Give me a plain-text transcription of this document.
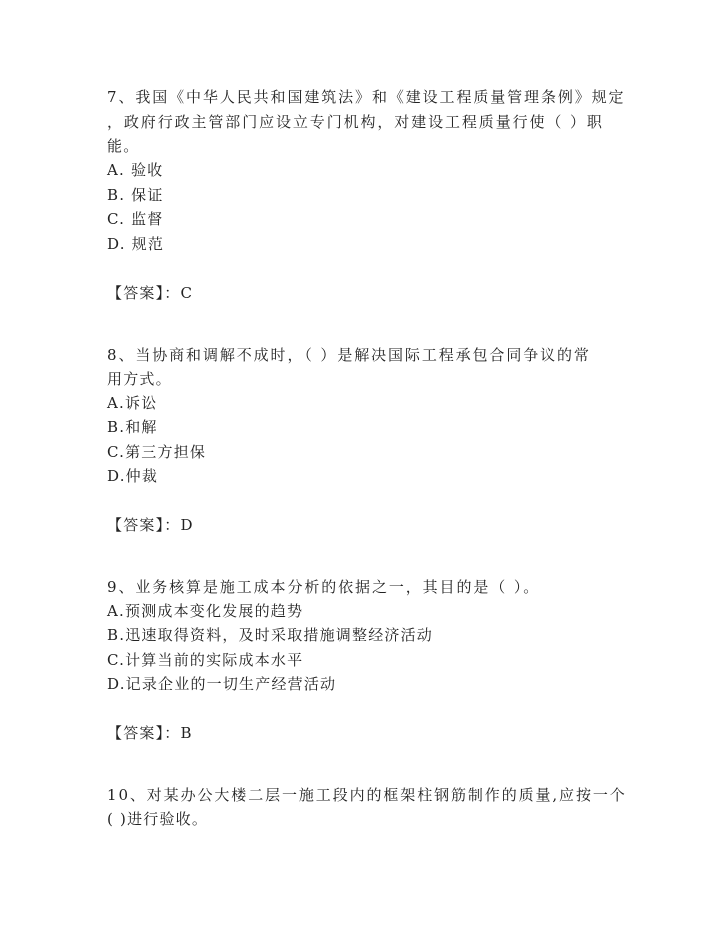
7、我国《中华人民共和国建筑法》和《建设工程质量管理条例》规定
，政府行政主管部门应设立专门机构，对建设工程质量行使（ ）职
能。
A. 验收
B. 保证
C. 监督
D. 规范
【答案】：C
8、当协商和调解不成时，（ ）是解决国际工程承包合同争议的常
用方式。
A.诉讼
B.和解
C.第三方担保
D.仲裁
【答案】：D
9、业务核算是施工成本分析的依据之一，其目的是（ ）。
A.预测成本变化发展的趋势
B.迅速取得资料，及时采取措施调整经济活动
C.计算当前的实际成本水平
D.记录企业的一切生产经营活动
【答案】：B
10、对某办公大楼二层一施工段内的框架柱钢筋制作的质量,应按一个
( )进行验收。
